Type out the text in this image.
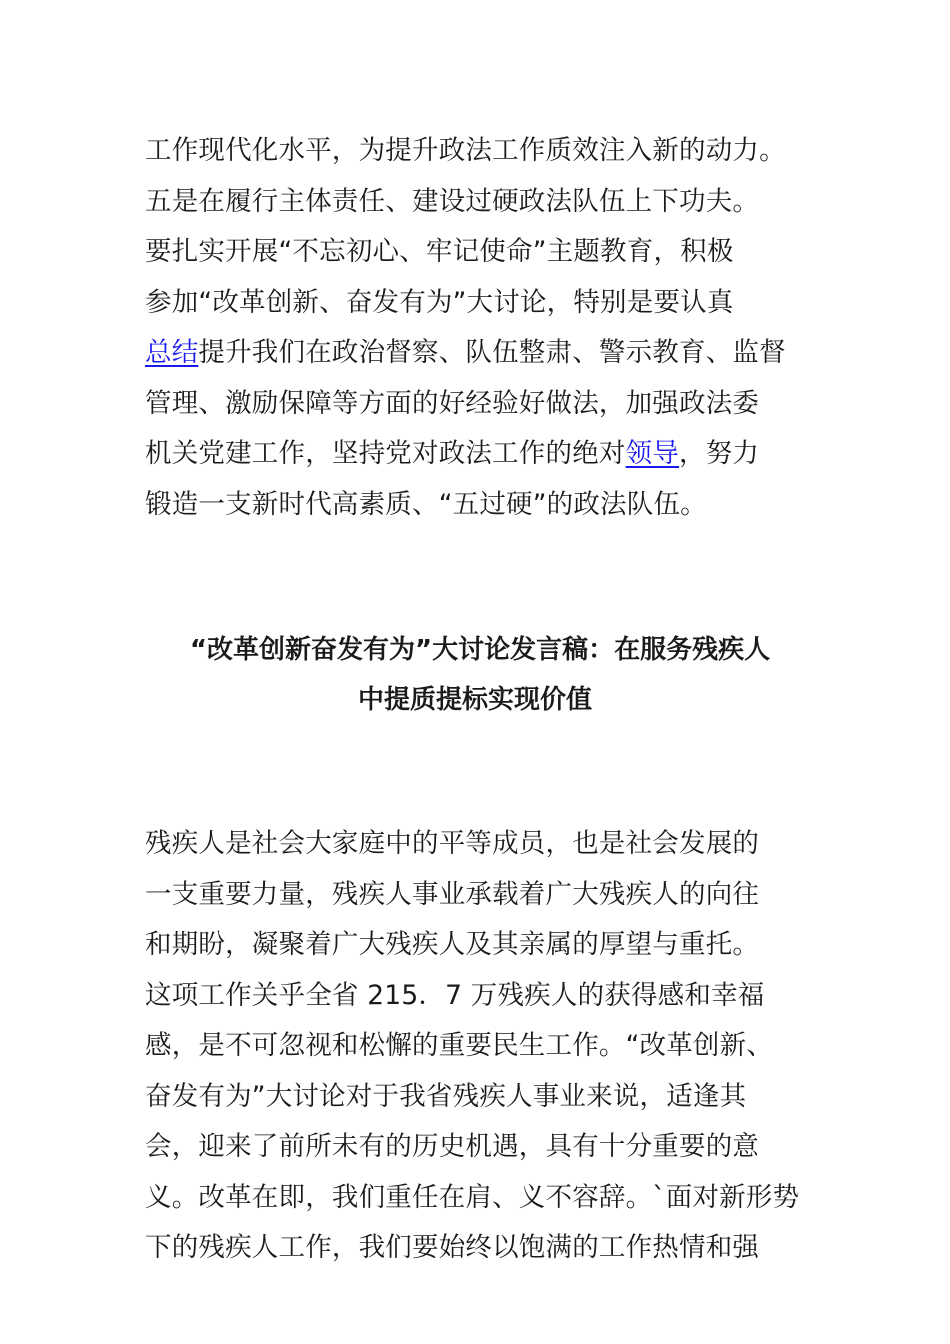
工作现代化水平，为提升政法工作质效注入新的动力。
五是在履行主体责任、建设过硬政法队伍上下功夫。
要扎实开展“不忘初心、牢记使命”主题教育，积极
参加“改革创新、奋发有为”大讨论，特别是要认真
总结提升我们在政治督察、队伍整肃、警示教育、监督
管理、激励保障等方面的好经验好做法，加强政法委
机关党建工作，坚持党对政法工作的绝对领导，努力
锻造一支新时代高素质、“五过硬”的政法队伍。
“改革创新奋发有为”大讨论发言稿：在服务残疾人
中提质提标实现价值
残疾人是社会大家庭中的平等成员，也是社会发展的
一支重要力量，残疾人事业承载着广大残疾人的向往
和期盼，凝聚着广大残疾人及其亲属的厚望与重托。
这项工作关乎全省 215．7 万残疾人的获得感和幸福
感，是不可忽视和松懈的重要民生工作。“改革创新、
奋发有为”大讨论对于我省残疾人事业来说，适逢其
会，迎来了前所未有的历史机遇，具有十分重要的意
义。改革在即，我们重任在肩、义不容辞。`面对新形势
下的残疾人工作，我们要始终以饱满的工作热情和强
